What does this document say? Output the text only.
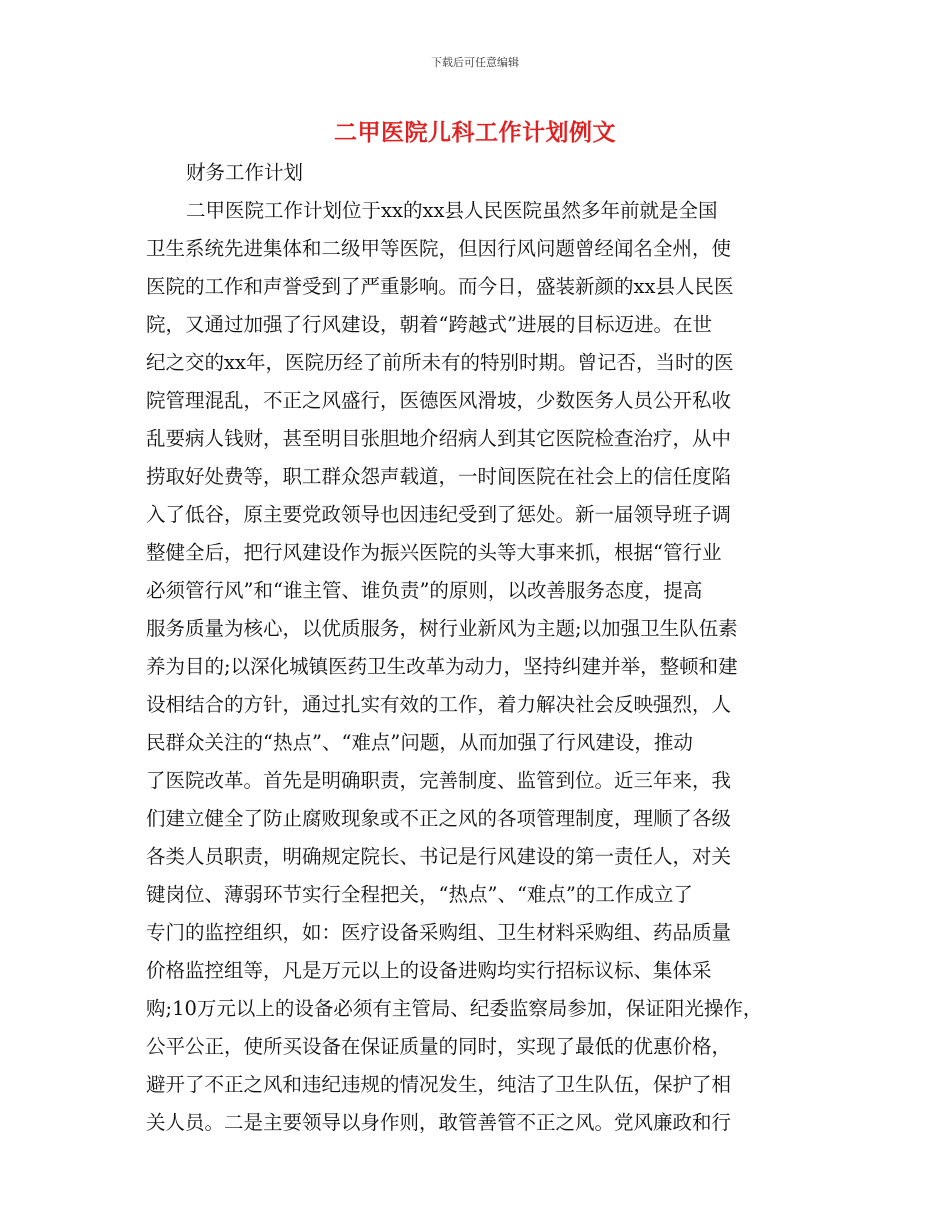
下载后可任意编辑
二甲医院儿科工作计划例文
财务工作计划
二甲医院工作计划位于xx的xx县人民医院虽然多年前就是全国
卫生系统先进集体和二级甲等医院，但因行风问题曾经闻名全州，使
医院的工作和声誉受到了严重影响。而今日，盛装新颜的xx县人民医
院，又通过加强了行风建设，朝着“跨越式”进展的目标迈进。在世
纪之交的xx年，医院历经了前所未有的特别时期。曾记否，当时的医
院管理混乱，不正之风盛行，医德医风滑坡，少数医务人员公开私收
乱要病人钱财，甚至明目张胆地介绍病人到其它医院检查治疗，从中
捞取好处费等，职工群众怨声载道，一时间医院在社会上的信任度陷
入了低谷，原主要党政领导也因违纪受到了惩处。新一届领导班子调
整健全后，把行风建设作为振兴医院的头等大事来抓，根据“管行业
必须管行风”和“谁主管、谁负责”的原则，以改善服务态度，提高
服务质量为核心，以优质服务，树行业新风为主题;以加强卫生队伍素
养为目的;以深化城镇医药卫生改革为动力，坚持纠建并举，整顿和建
设相结合的方针，通过扎实有效的工作，着力解决社会反映强烈，人
民群众关注的“热点”、“难点”问题，从而加强了行风建设，推动
了医院改革。首先是明确职责，完善制度、监管到位。近三年来，我
们建立健全了防止腐败现象或不正之风的各项管理制度，理顺了各级
各类人员职责，明确规定院长、书记是行风建设的第一责任人，对关
键岗位、薄弱环节实行全程把关，“热点”、“难点”的工作成立了
专门的监控组织，如：医疗设备采购组、卫生材料采购组、药品质量
价格监控组等，凡是万元以上的设备进购均实行招标议标、集体采
购;10万元以上的设备必须有主管局、纪委监察局参加，保证阳光操作，
公平公正，使所买设备在保证质量的同时，实现了最低的优惠价格，
避开了不正之风和违纪违规的情况发生，纯洁了卫生队伍，保护了相
关人员。二是主要领导以身作则，敢管善管不正之风。党风廉政和行
